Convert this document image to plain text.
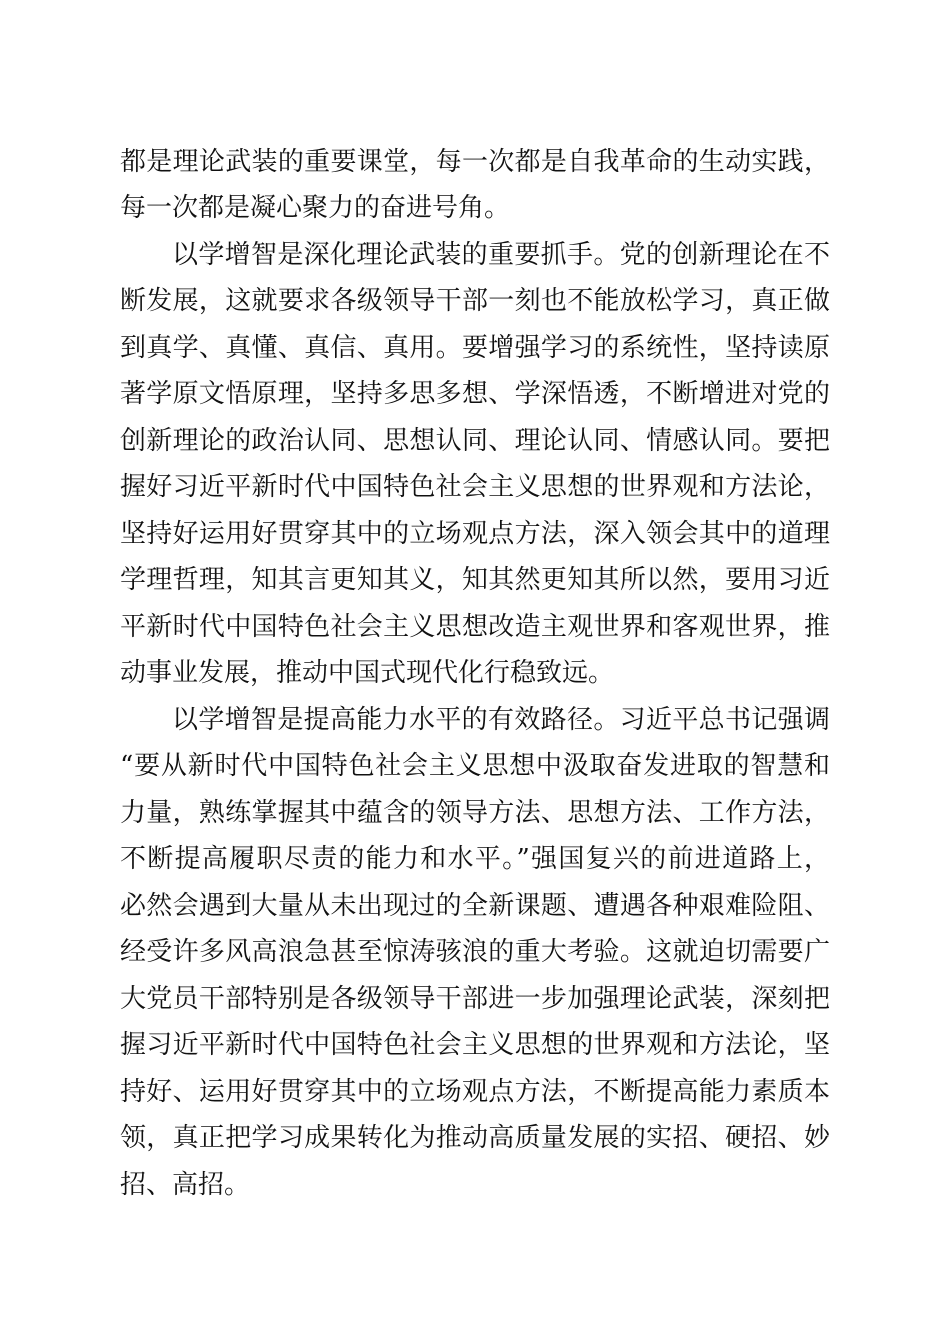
都是理论武装的重要课堂，每一次都是自我革命的生动实践，
每一次都是凝心聚力的奋进号角。
以学增智是深化理论武装的重要抓手。党的创新理论在不
断发展，这就要求各级领导干部一刻也不能放松学习，真正做
到真学、真懂、真信、真用。要增强学习的系统性，坚持读原
著学原文悟原理，坚持多思多想、学深悟透，不断增进对党的
创新理论的政治认同、思想认同、理论认同、情感认同。要把
握好习近平新时代中国特色社会主义思想的世界观和方法论，
坚持好运用好贯穿其中的立场观点方法，深入领会其中的道理
学理哲理，知其言更知其义，知其然更知其所以然，要用习近
平新时代中国特色社会主义思想改造主观世界和客观世界，推
动事业发展，推动中国式现代化行稳致远。
以学增智是提高能力水平的有效路径。习近平总书记强调
“要从新时代中国特色社会主义思想中汲取奋发进取的智慧和
力量，熟练掌握其中蕴含的领导方法、思想方法、工作方法，
不断提高履职尽责的能力和水平。”强国复兴的前进道路上，
必然会遇到大量从未出现过的全新课题、遭遇各种艰难险阻、
经受许多风高浪急甚至惊涛骇浪的重大考验。这就迫切需要广
大党员干部特别是各级领导干部进一步加强理论武装，深刻把
握习近平新时代中国特色社会主义思想的世界观和方法论，坚
持好、运用好贯穿其中的立场观点方法，不断提高能力素质本
领，真正把学习成果转化为推动高质量发展的实招、硬招、妙
招、高招。
